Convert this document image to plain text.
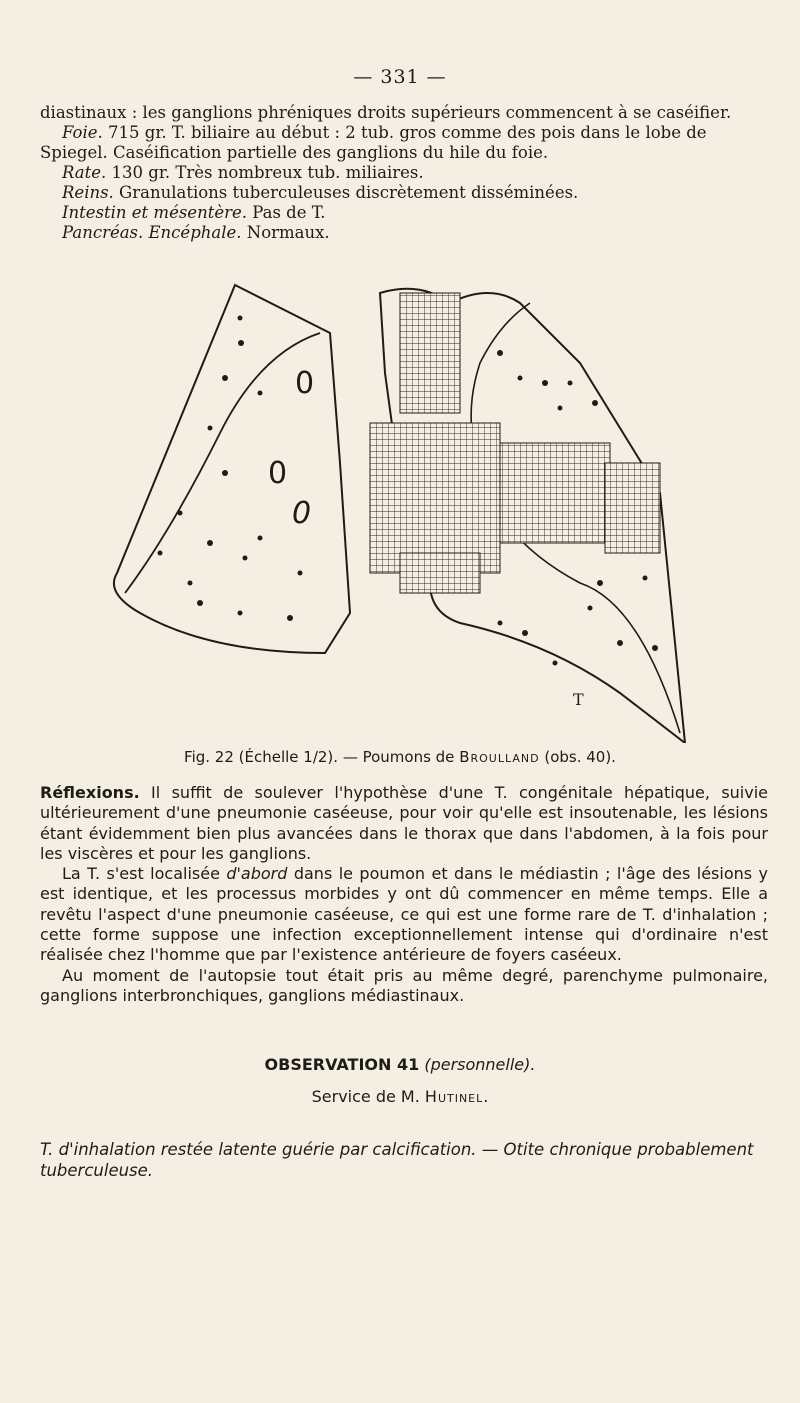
— 331 —

diastinaux : les ganglions phréniques droits supérieurs commencent à se caséifier.

Foie. 715 gr. T. biliaire au début : 2 tub. gros comme des pois dans le lobe de Spiegel. Caséification partielle des ganglions du hile du foie.

Rate. 130 gr. Très nombreux tub. miliaires.

Reins. Granulations tuberculeuses discrètement disséminées.

Intestin et mésentère. Pas de T.

Pancréas. Encéphale. Normaux.

0
0
0
T
Fig. 22 (Échelle 1/2). — Poumons de Broulland (obs. 40).

Réflexions. Il suffit de soulever l'hypothèse d'une T. congénitale hépatique, suivie ultérieurement d'une pneumonie caséeuse, pour voir qu'elle est insoutenable, les lésions étant évidemment bien plus avancées dans le thorax que dans l'abdomen, à la fois pour les viscères et pour les ganglions.

La T. s'est localisée d'abord dans le poumon et dans le médiastin ; l'âge des lésions y est identique, et les processus morbides y ont dû commencer en même temps. Elle a revêtu l'aspect d'une pneumonie caséeuse, ce qui est une forme rare de T. d'inhalation ; cette forme suppose une infection exceptionnellement intense qui d'ordinaire n'est réalisée chez l'homme que par l'existence antérieure de foyers caséeux.

Au moment de l'autopsie tout était pris au même degré, parenchyme pulmonaire, ganglions interbronchiques, ganglions médiastinaux.

OBSERVATION 41 (personnelle).
Service de M. Hutinel.

T. d'inhalation restée latente guérie par calcification. — Otite chronique probablement tuberculeuse.
